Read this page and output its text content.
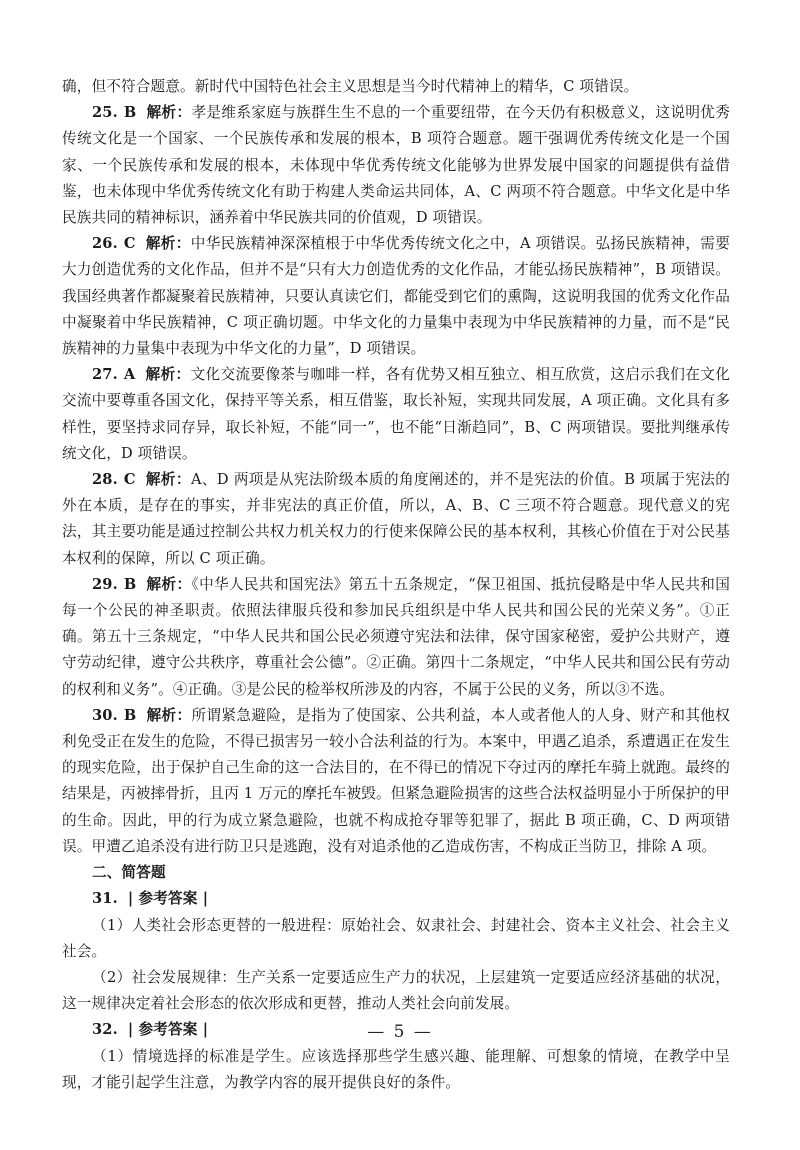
确，但不符合题意。新时代中国特色社会主义思想是当今时代精神上的精华，C 项错误。

25. B 解析：孝是维系家庭与族群生生不息的一个重要纽带，在今天仍有积极意义，这说明优秀传统文化是一个国家、一个民族传承和发展的根本，B 项符合题意。题干强调优秀传统文化是一个国家、一个民族传承和发展的根本，未体现中华优秀传统文化能够为世界发展中国家的问题提供有益借鉴，也未体现中华优秀传统文化有助于构建人类命运共同体，A、C 两项不符合题意。中华文化是中华民族共同的精神标识，涵养着中华民族共同的价值观，D 项错误。

26. C 解析：中华民族精神深深植根于中华优秀传统文化之中，A 项错误。弘扬民族精神，需要大力创造优秀的文化作品，但并不是“只有大力创造优秀的文化作品，才能弘扬民族精神”，B 项错误。我国经典著作都凝聚着民族精神，只要认真读它们，都能受到它们的熏陶，这说明我国的优秀文化作品中凝聚着中华民族精神，C 项正确切题。中华文化的力量集中表现为中华民族精神的力量，而不是“民族精神的力量集中表现为中华文化的力量”，D 项错误。

27. A 解析：文化交流要像茶与咖啡一样，各有优势又相互独立、相互欣赏，这启示我们在文化交流中要尊重各国文化，保持平等关系，相互借鉴，取长补短，实现共同发展，A 项正确。文化具有多样性，要坚持求同存异，取长补短，不能“同一”，也不能“日渐趋同”，B、C 两项错误。要批判继承传统文化，D 项错误。

28. C 解析：A、D 两项是从宪法阶级本质的角度阐述的，并不是宪法的价值。B 项属于宪法的外在本质，是存在的事实，并非宪法的真正价值，所以，A、B、C 三项不符合题意。现代意义的宪法，其主要功能是通过控制公共权力机关权力的行使来保障公民的基本权利，其核心价值在于对公民基本权利的保障，所以 C 项正确。

29. B 解析：《中华人民共和国宪法》第五十五条规定，“保卫祖国、抵抗侵略是中华人民共和国每一个公民的神圣职责。依照法律服兵役和参加民兵组织是中华人民共和国公民的光荣义务”。①正确。第五十三条规定，“中华人民共和国公民必须遵守宪法和法律，保守国家秘密，爱护公共财产，遵守劳动纪律，遵守公共秩序，尊重社会公德”。②正确。第四十二条规定，“中华人民共和国公民有劳动的权利和义务”。④正确。③是公民的检举权所涉及的内容，不属于公民的义务，所以③不选。

30. B 解析：所谓紧急避险，是指为了使国家、公共利益，本人或者他人的人身、财产和其他权利免受正在发生的危险，不得已损害另一较小合法利益的行为。本案中，甲遇乙追杀，系遭遇正在发生的现实危险，出于保护自己生命的这一合法目的，在不得已的情况下夺过丙的摩托车骑上就跑。最终的结果是，丙被摔骨折，且丙 1 万元的摩托车被毁。但紧急避险损害的这些合法权益明显小于所保护的甲的生命。因此，甲的行为成立紧急避险，也就不构成抢夺罪等犯罪了，据此 B 项正确，C、D 两项错误。甲遭乙追杀没有进行防卫只是逃跑，没有对追杀他的乙造成伤害，不构成正当防卫，排除 A 项。

二、简答题

31. | 参考答案 |

（1）人类社会形态更替的一般进程：原始社会、奴隶社会、封建社会、资本主义社会、社会主义社会。

（2）社会发展规律：生产关系一定要适应生产力的状况，上层建筑一定要适应经济基础的状况，这一规律决定着社会形态的依次形成和更替，推动人类社会向前发展。

32. | 参考答案 |

（1）情境选择的标准是学生。应该选择那些学生感兴趣、能理解、可想象的情境，在教学中呈现，才能引起学生注意，为教学内容的展开提供良好的条件。

— 5 —
